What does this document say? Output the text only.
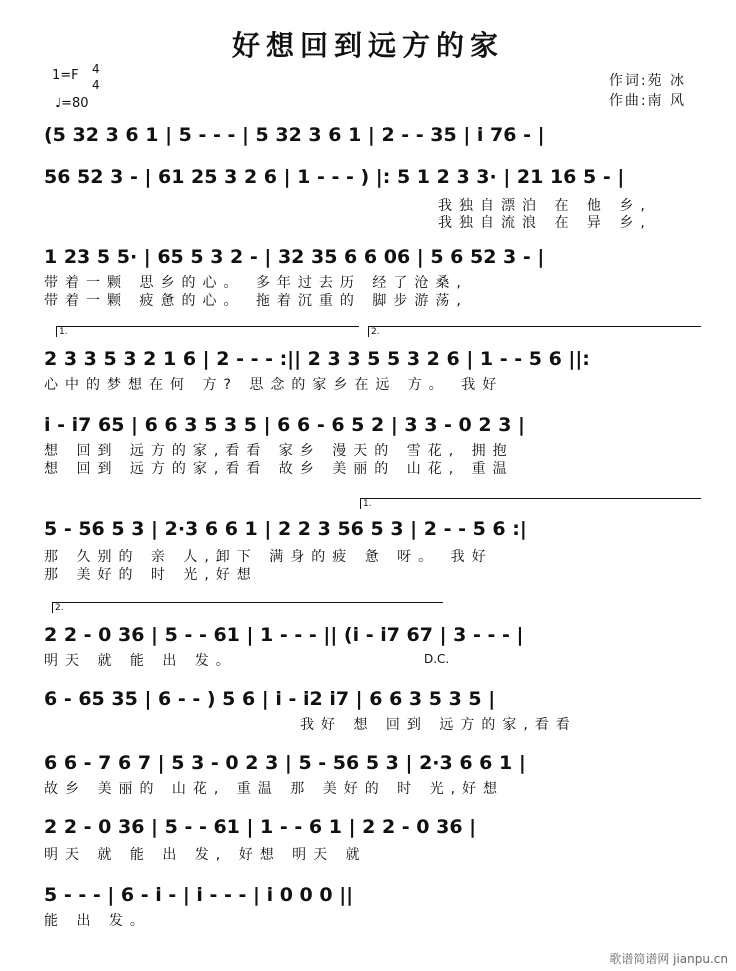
好想回到远方的家
1=F 4
4
♩=80
作词:苑 冰
作曲:南 风
(5 32 3 6 1 | 5 - - - | 5 32 3 6 1 | 2 - - 35 | i 76 - |
56 52 3 - | 61 25 3 2 6 | 1 - - - ) |: 5 1 2 3 3· | 21 16 5 - |
我独自漂泊 在 他 乡,
我独自流浪 在 异 乡,
1 23 5 5· | 65 5 3 2 - | 32 35 6 6 06 | 5 6 52 3 - |
带着一颗 思乡的心。 多年过去历 经了沧桑,
带着一颗 疲惫的心。 拖着沉重的 脚步游荡,
1.	2.
2 3 3 5 3 2 1 6 | 2 - - - :|| 2 3 3 5 5 3 2 6 | 1 - - 5 6 ||:
心中的梦想在何 方? 思念的家乡在远 方。 我好
i - i7 65 | 6 6 3 5 3 5 | 6 6 - 6 5 2 | 3 3 - 0 2 3 |
想 回到 远方的家,看看 家乡 漫天的 雪花, 拥抱
想 回到 远方的家,看看 故乡 美丽的 山花, 重温
1.
5 - 56 5 3 | 2·3 6 6 1 | 2 2 3 56 5 3 | 2 - - 5 6 :|
那 久别的 亲 人,卸下 满身的疲 惫 呀。 我好
那 美好的 时 光,好想
2.
2 2 - 0 36 | 5 - - 61 | 1 - - - || (i - i7 67 | 3 - - - |
明天 就 能 出 发。	D.C.
6 - 65 35 | 6 - - ) 5 6 | i - i2 i7 | 6 6 3 5 3 5 |
我好 想 回到 远方的家,看看
6 6 - 7 6 7 | 5 3 - 0 2 3 | 5 - 56 5 3 | 2·3 6 6 1 |
故乡 美丽的 山花, 重温 那 美好的 时 光,好想
2 2 - 0 36 | 5 - - 61 | 1 - - 6 1 | 2 2 - 0 36 |
明天 就 能 出 发, 好想 明天 就
5 - - - | 6 - i - | i - - - | i 0 0 0 ||
能 出 发。
歌谱简谱网 jianpu.cn
